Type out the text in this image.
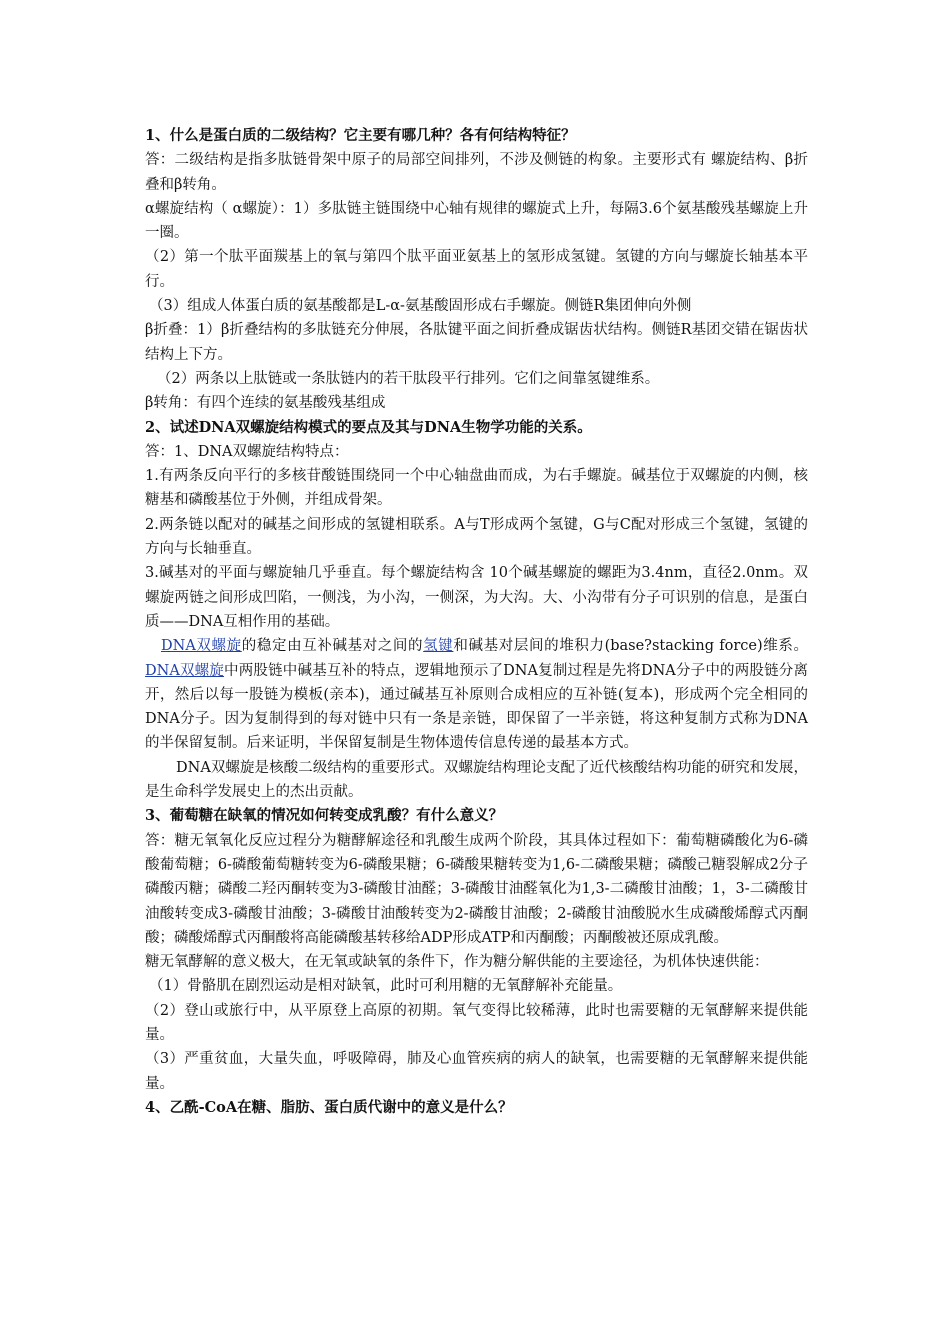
1、什么是蛋白质的二级结构？它主要有哪几种？各有何结构特征？

答：二级结构是指多肽链骨架中原子的局部空间排列，不涉及侧链的构象。主要形式有 螺旋结构、β折叠和β转角。

α螺旋结构（ α螺旋）：1）多肽链主链围绕中心轴有规律的螺旋式上升，每隔3.6个氨基酸残基螺旋上升一圈。

（2）第一个肽平面羰基上的氧与第四个肽平面亚氨基上的氢形成氢键。氢键的方向与螺旋长轴基本平行。

（3）组成人体蛋白质的氨基酸都是L-α-氨基酸固形成右手螺旋。侧链R集团伸向外侧

β折叠：1）β折叠结构的多肽链充分伸展，各肽键平面之间折叠成锯齿状结构。侧链R基团交错在锯齿状结构上下方。

（2）两条以上肽链或一条肽链内的若干肽段平行排列。它们之间靠氢键维系。

β转角：有四个连续的氨基酸残基组成

2、试述DNA双螺旋结构模式的要点及其与DNA生物学功能的关系。

答：1、DNA双螺旋结构特点：

1.有两条反向平行的多核苷酸链围绕同一个中心轴盘曲而成，为右手螺旋。碱基位于双螺旋的内侧，核糖基和磷酸基位于外侧，并组成骨架。

2.两条链以配对的碱基之间形成的氢键相联系。A与T形成两个氢键，G与C配对形成三个氢键，氢键的方向与长轴垂直。

3.碱基对的平面与螺旋轴几乎垂直。每个螺旋结构含 10个碱基螺旋的螺距为3.4nm，直径2.0nm。双螺旋两链之间形成凹陷，一侧浅，为小沟，一侧深，为大沟。大、小沟带有分子可识别的信息，是蛋白质——DNA互相作用的基础。

DNA双螺旋的稳定由互补碱基对之间的氢键和碱基对层间的堆积力(base?stacking force)维系。DNA双螺旋中两股链中碱基互补的特点，逻辑地预示了DNA复制过程是先将DNA分子中的两股链分离开，然后以每一股链为模板(亲本)，通过碱基互补原则合成相应的互补链(复本)，形成两个完全相同的DNA分子。因为复制得到的每对链中只有一条是亲链，即保留了一半亲链，将这种复制方式称为DNA的半保留复制。后来证明，半保留复制是生物体遗传信息传递的最基本方式。

DNA双螺旋是核酸二级结构的重要形式。双螺旋结构理论支配了近代核酸结构功能的研究和发展，是生命科学发展史上的杰出贡献。

3、葡萄糖在缺氧的情况如何转变成乳酸？有什么意义？

答：糖无氧氧化反应过程分为糖酵解途径和乳酸生成两个阶段，其具体过程如下：葡萄糖磷酸化为6-磷酸葡萄糖；6-磷酸葡萄糖转变为6-磷酸果糖；6-磷酸果糖转变为1,6-二磷酸果糖；磷酸己糖裂解成2分子磷酸丙糖；磷酸二羟丙酮转变为3-磷酸甘油醛；3-磷酸甘油醛氧化为1,3-二磷酸甘油酸；1，3-二磷酸甘油酸转变成3-磷酸甘油酸；3-磷酸甘油酸转变为2-磷酸甘油酸；2-磷酸甘油酸脱水生成磷酸烯醇式丙酮酸；磷酸烯醇式丙酮酸将高能磷酸基转移给ADP形成ATP和丙酮酸；丙酮酸被还原成乳酸。

糖无氧酵解的意义极大，在无氧或缺氧的条件下，作为糖分解供能的主要途径，为机体快速供能：

（1）骨骼肌在剧烈运动是相对缺氧，此时可利用糖的无氧酵解补充能量。

（2）登山或旅行中，从平原登上高原的初期。氧气变得比较稀薄，此时也需要糖的无氧酵解来提供能量。

（3）严重贫血，大量失血，呼吸障碍，肺及心血管疾病的病人的缺氧，也需要糖的无氧酵解来提供能量。

4、乙酰-CoA在糖、脂肪、蛋白质代谢中的意义是什么？
